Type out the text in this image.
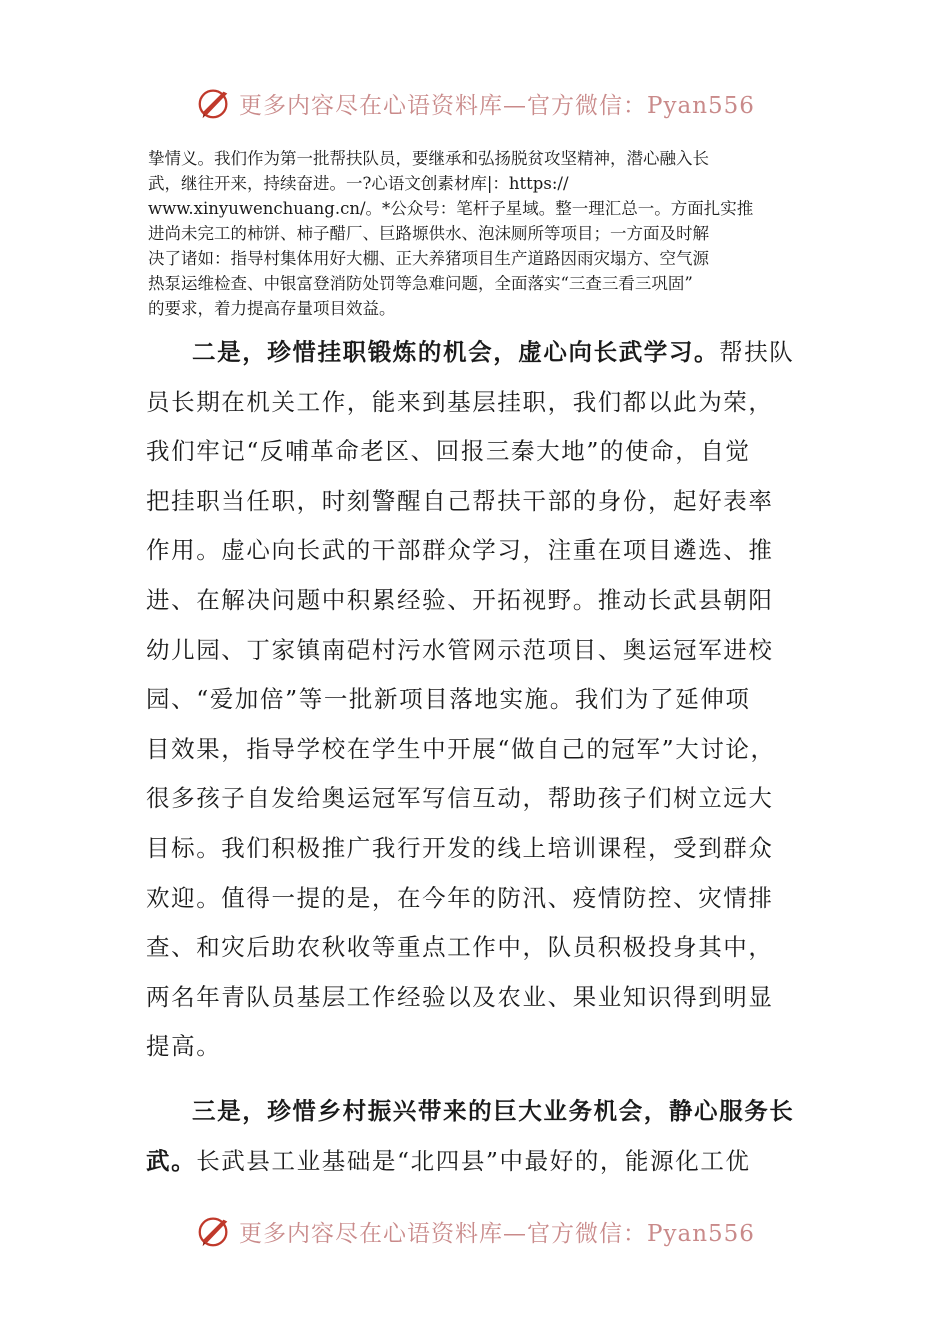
更多内容尽在心语资料库—官方微信：Pyan556

挚情义。我们作为第一批帮扶队员，要继承和弘扬脱贫攻坚精神，潜心融入长

武，继往开来，持续奋进。一?心语文创素材库|：https://

www.xinyuwenchuang.cn/。*公众号：笔杆子星域。整一理汇总一。方面扎实推

进尚未完工的柿饼、柿子醋厂、巨路塬供水、泡沫厕所等项目；一方面及时解

决了诸如：指导村集体用好大棚、正大养猪项目生产道路因雨灾塌方、空气源

热泵运维检查、中银富登消防处罚等急难问题，全面落实“三查三看三巩固”

的要求，着力提高存量项目效益。

二是，珍惜挂职锻炼的机会，虚心向长武学习。帮扶队

员长期在机关工作，能来到基层挂职，我们都以此为荣，

我们牢记“反哺革命老区、回报三秦大地”的使命，自觉

把挂职当任职，时刻警醒自己帮扶干部的身份，起好表率

作用。虚心向长武的干部群众学习，注重在项目遴选、推

进、在解决问题中积累经验、开拓视野。推动长武县朝阳

幼儿园、丁家镇南硙村污水管网示范项目、奥运冠军进校

园、“爱加倍”等一批新项目落地实施。我们为了延伸项

目效果，指导学校在学生中开展“做自己的冠军”大讨论，

很多孩子自发给奥运冠军写信互动，帮助孩子们树立远大

目标。我们积极推广我行开发的线上培训课程，受到群众

欢迎。值得一提的是，在今年的防汛、疫情防控、灾情排

查、和灾后助农秋收等重点工作中，队员积极投身其中，

两名年青队员基层工作经验以及农业、果业知识得到明显

提高。

三是，珍惜乡村振兴带来的巨大业务机会，静心服务长

武。长武县工业基础是“北四县”中最好的，能源化工优

更多内容尽在心语资料库—官方微信：Pyan556
